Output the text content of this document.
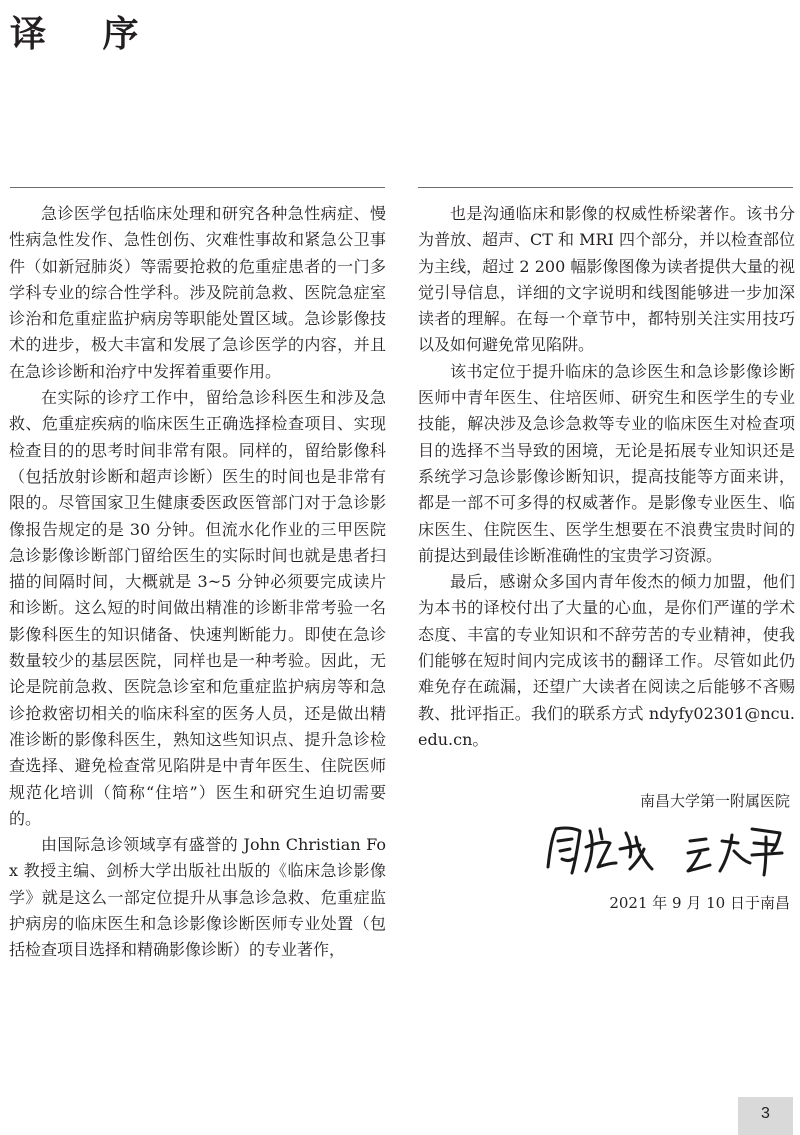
译 序

急诊医学包括临床处理和研究各种急性病症、慢性病急性发作、急性创伤、灾难性事故和紧急公卫事件（如新冠肺炎）等需要抢救的危重症患者的一门多学科专业的综合性学科。涉及院前急救、医院急症室诊治和危重症监护病房等职能处置区域。急诊影像技术的进步，极大丰富和发展了急诊医学的内容，并且在急诊诊断和治疗中发挥着重要作用。

在实际的诊疗工作中，留给急诊科医生和涉及急救、危重症疾病的临床医生正确选择检查项目、实现检查目的的思考时间非常有限。同样的，留给影像科（包括放射诊断和超声诊断）医生的时间也是非常有限的。尽管国家卫生健康委医政医管部门对于急诊影像报告规定的是 30 分钟。但流水化作业的三甲医院急诊影像诊断部门留给医生的实际时间也就是患者扫描的间隔时间，大概就是 3~5 分钟必须要完成读片和诊断。这么短的时间做出精准的诊断非常考验一名影像科医生的知识储备、快速判断能力。即使在急诊数量较少的基层医院，同样也是一种考验。因此，无论是院前急救、医院急诊室和危重症监护病房等和急诊抢救密切相关的临床科室的医务人员，还是做出精准诊断的影像科医生，熟知这些知识点、提升急诊检查选择、避免检查常见陷阱是中青年医生、住院医师规范化培训（简称“住培”）医生和研究生迫切需要的。

由国际急诊领域享有盛誉的 John Christian Fox 教授主编、剑桥大学出版社出版的《临床急诊影像学》就是这么一部定位提升从事急诊急救、危重症监护病房的临床医生和急诊影像诊断医师专业处置（包括检查项目选择和精确影像诊断）的专业著作，

也是沟通临床和影像的权威性桥梁著作。该书分为普放、超声、CT 和 MRI 四个部分，并以检查部位为主线，超过 2 200 幅影像图像为读者提供大量的视觉引导信息，详细的文字说明和线图能够进一步加深读者的理解。在每一个章节中，都特别关注实用技巧以及如何避免常见陷阱。

该书定位于提升临床的急诊医生和急诊影像诊断医师中青年医生、住培医师、研究生和医学生的专业技能，解决涉及急诊急救等专业的临床医生对检查项目的选择不当导致的困境，无论是拓展专业知识还是系统学习急诊影像诊断知识，提高技能等方面来讲，都是一部不可多得的权威著作。是影像专业医生、临床医生、住院医生、医学生想要在不浪费宝贵时间的前提达到最佳诊断准确性的宝贵学习资源。

最后，感谢众多国内青年俊杰的倾力加盟，他们为本书的译校付出了大量的心血，是你们严谨的学术态度、丰富的专业知识和不辞劳苦的专业精神，使我们能够在短时间内完成该书的翻译工作。尽管如此仍难免存在疏漏，还望广大读者在阅读之后能够不吝赐教、批评指正。我们的联系方式 ndyfy02301@ncu.edu.cn。

南昌大学第一附属医院
2021 年 9 月 10 日于南昌
3
